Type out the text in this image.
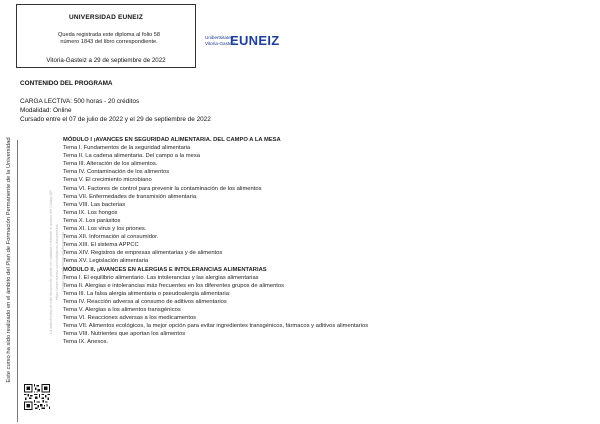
UNIVERSIDAD EUNEIZ
Queda registrada este diploma al folio 58
número 1843 del libro correspondiente.
Vitoria-Gasteiz a 29 de septiembre de 2022
Unibertsitatea
Vitoria-Gasteiz
EUNEIZ
CONTENIDO DEL PROGRAMA
CARGA LECTIVA: 500 horas - 20 créditos
Modalidad: Online
Cursado entre el 07 de julio de 2022 y el 29 de septiembre de 2022
MÓDULO I ¡AVANCES EN SEGURIDAD ALIMENTARIA. DEL CAMPO A LA MESA
Tema I. Fundamentos de la seguridad alimentaria
Tema II. La cadena alimentaria. Del campo a la mesa
Tema III. Alteración de los alimentos.
Tema IV. Contaminación de los alimentos
Tema V. El crecimiento microbiano
Tema VI. Factores de control para prevenir la contaminación de los alimentos
Tema VII. Enfermedades de transmisión alimentaria.
Tema VIII. Las bacterias
Tema IX. Los hongos
Tema X. Los parásitos
Tema XI. Los virus y los priones.
Tema XII. Información al consumidor.
Tema XIII. El sistema APPCC
Tema XIV. Registros de empresas alimentarias y de alimentos
Tema XV. Legislación alimentaria
MÓDULO II. ¡AVANCES EN ALERGIAS E INTOLERANCIAS ALIMENTARIAS
Tema I. El equilibrio alimentario. Las intolerancias y las alergias alimentarias
Tema II. Alergias e intolerancias más frecuentes en los diferentes grupos de alimentos
Tema III. La falsa alergia alimentaria o pseudoalergia alimentaria:
Tema IV. Reacción adversa al consumo de aditivos alimentarios
Tema V. Alergias a los alimentos transgénicos
Tema VI. Reacciones adversas a los medicamentos
Tema VII. Alimentos ecológicos, la mejor opción para evitar ingredientes transgénicos, fármacos y aditivos alimentarios
Tema VIII. Nutrientes que aportan los alimentos
Tema IX. Anexos.
Este curso ha sido realizado en el ámbito del Plan de Formación Permanente de la Universidad	La autenticidad de este documento puede ser validada mediante el acceso del Código QR https://www.euneiz.com/validacion-documentos Código de verificación del documento
